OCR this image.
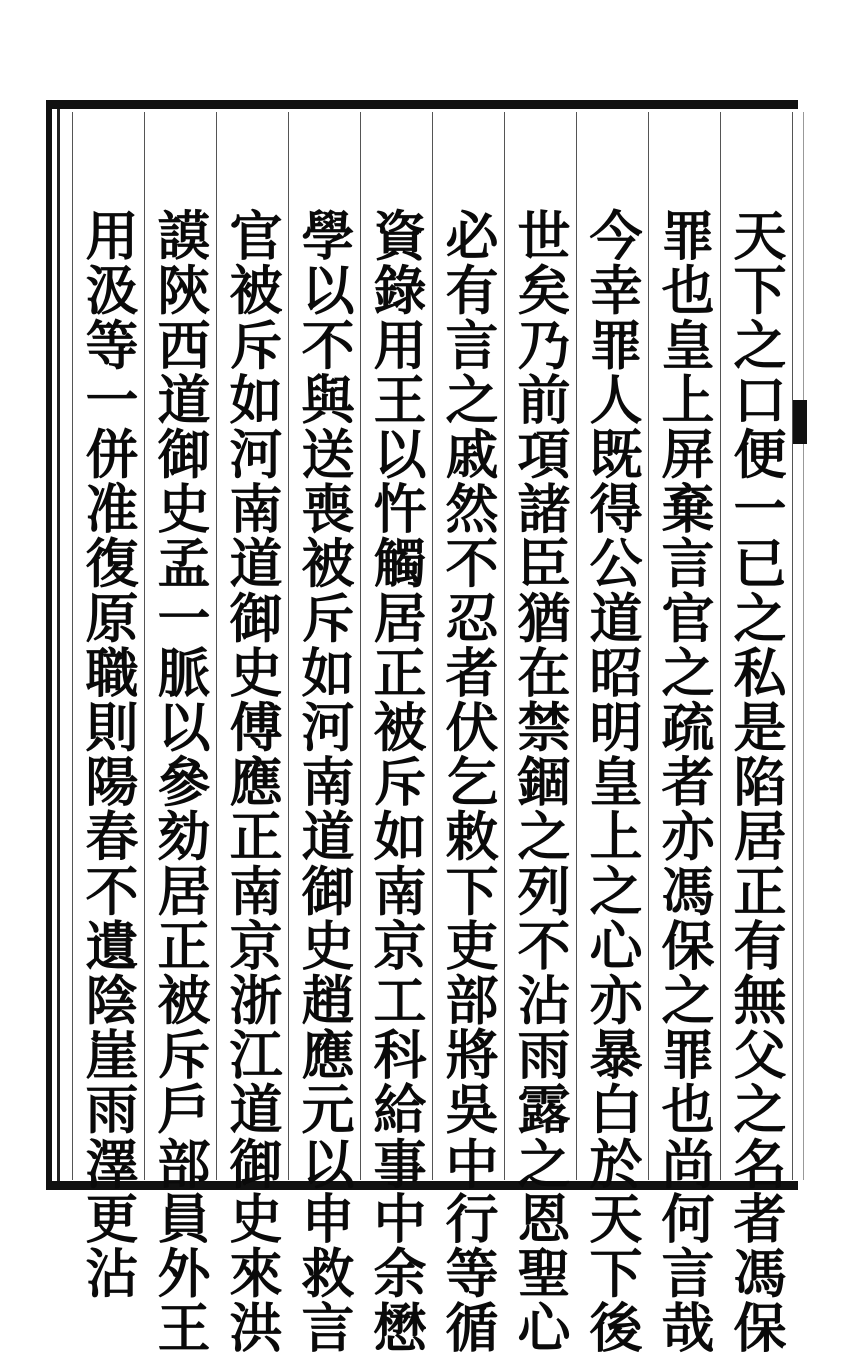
天下之口便一已之私是陷居正有無父之名者馮保
罪也皇上屏棄言官之疏者亦馮保之罪也尚何言哉
今幸罪人既得公道昭明皇上之心亦暴白於天下後
世矣乃前項諸臣猶在禁錮之列不沾雨露之恩聖心
必有言之戚然不忍者伏乞敕下吏部將吳中行等循
資錄用王以忤觸居正被斥如南京工科給事中余懋
學以不與送喪被斥如河南道御史趙應元以申救言
官被斥如河南道御史傅應正南京浙江道御史來洪
謨陝西道御史孟一脈以參劾居正被斥戶部員外王
用汲等一併准復原職則陽春不遺陰崖雨澤更沾
